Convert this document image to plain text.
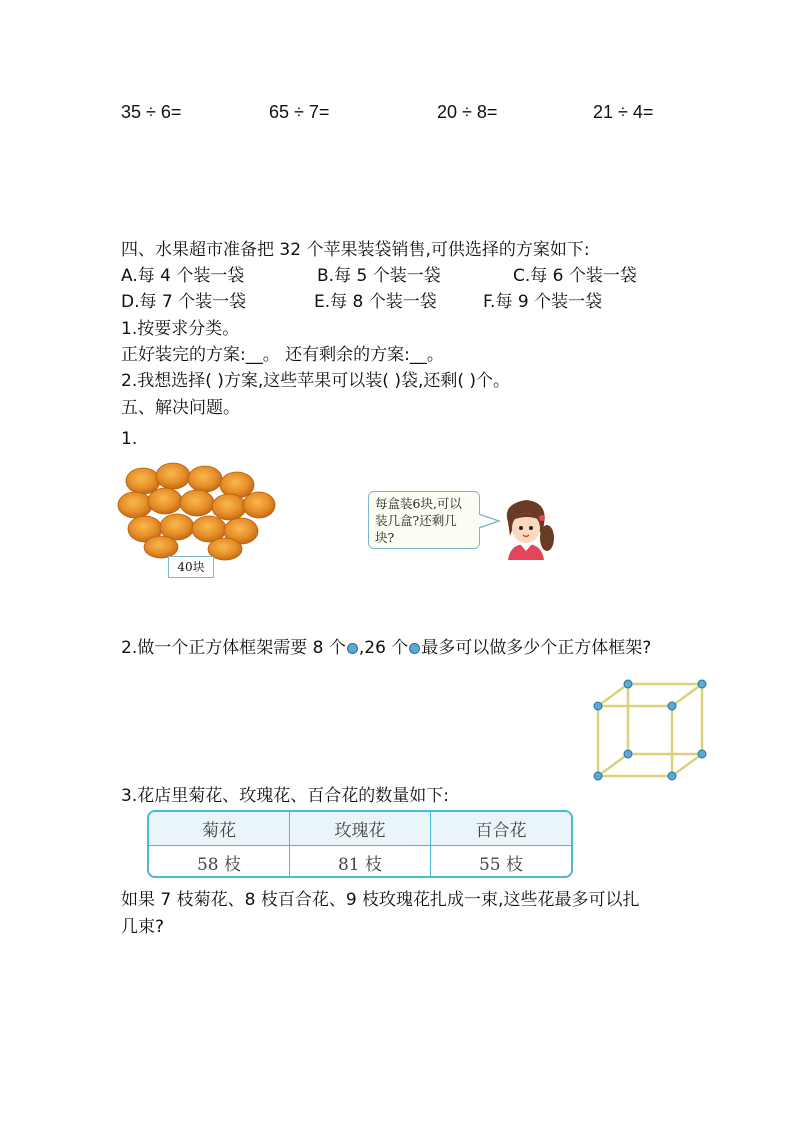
35 ÷ 6=	65 ÷ 7=	20 ÷ 8=	21 ÷ 4=
四、水果超市准备把 32 个苹果装袋销售,可供选择的方案如下:
A.每 4 个装一袋	B.每 5 个装一袋	C.每 6 个装一袋
D.每 7 个装一袋	E.每 8 个装一袋	F.每 9 个装一袋
1.按要求分类。
正好装完的方案:__。 还有剩余的方案:__。
2.我想选择( )方案,这些苹果可以装( )袋,还剩( )个。
五、解决问题。
1.
40块
每盒装6块,可以装几盒?还剩几块?
2.做一个正方体框架需要 8 个 ,26 个 最多可以做多少个正方体框架?
3.花店里菊花、玫瑰花、百合花的数量如下:
菊花	玫瑰花	百合花
58 枝	81 枝	55 枝
如果 7 枝菊花、8 枝百合花、9 枝玫瑰花扎成一束,这些花最多可以扎
几束?
